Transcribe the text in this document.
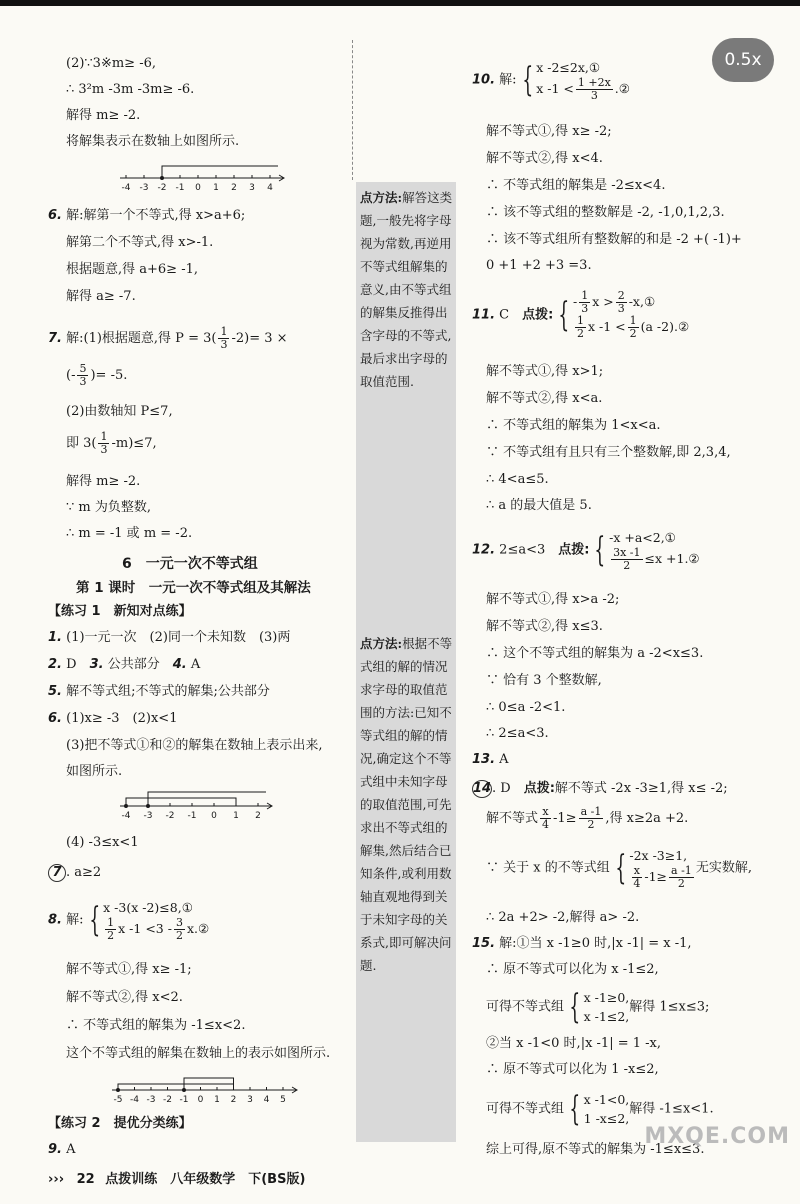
0.5x
(2)∵3※m≥ -6,
∴ 3²m -3m -3m≥ -6.
解得 m≥ -2.
将解集表示在数轴上如图所示.
-4 -3 -2 -1 0 1 2 3 4
6. 解:解第一个不等式,得 x>a+6;
解第二个不等式,得 x>-1.
根据题意,得 a+6≥ -1,
解得 a≥ -7.
7. 解:(1)根据题意,得 $P = 3( \frac{1}{3} -2)= 3$ ×
(- $\frac{5}{3}$ )= -5.
(2)由数轴知 P≤7,
即 $3( \frac{1}{3} -m)\le 7$,
解得 m≥ -2.
∵ m 为负整数,
∴ m = -1 或 m = -2.
6　一元一次不等式组
第 1 课时　一元一次不等式组及其解法
【练习 1　新知对点练】
1. (1)一元一次　(2)同一个未知数　(3)两
2. D　 3. 公共部分　 4. A
5. 解不等式组;不等式的解集;公共部分
6. (1)x≥ -3　(2)x<1
(3)把不等式①和②的解集在数轴上表示出来,
如图所示.
-4 -3 -2 -1 0 1 2
(4) -3≤x<1
7 . a≥2
8. 解: { x -3(x -2)≤8,①

$\frac{1}{2}$ x $-1 <3 - \frac{3}{2}$ x.②
解不等式①,得 x≥ -1;
解不等式②,得 x<2.
∴ 不等式组的解集为 -1≤x<2.
这个不等式组的解集在数轴上的表示如图所示.
-5 -4 -3 -2 -1 0 1 2 3 4 5
【练习 2　提优分类练】
9. A
点方法:解答这类题,一般先将字母视为常数,再逆用不等式组解集的意义,由不等式组的解集反推得出含字母的不等式,最后求出字母的取值范围.
点方法:根据不等式组的解的情况求字母的取值范围的方法:已知不等式组的解的情况,确定这个不等式组中未知字母的取值范围,可先求出不等式组的解集,然后结合已知条件,或利用数轴直观地得到关于未知字母的关系式,即可解决问题.
10. 解: { x -2≤2x,①
x $-1 < \frac{1 +2x}{3}$ .②
解不等式①,得 x≥ -2;
解不等式②,得 x<4.
∴ 不等式组的解集是 -2≤x<4.
∴ 该不等式组的整数解是 -2, -1,0,1,2,3.
∴ 该不等式组所有整数解的和是 -2 +( -1)+
0 +1 +2 +3 =3.
11. C　点拨: { - $\frac{1}{3}$ $x > \frac{2}{3}$ -x,①

$\frac{1}{2}$ x $-1 < \frac{1}{2} (a$ -2).②
解不等式①,得 x>1;
解不等式②,得 x<a.
∴ 不等式组的解集为 1<x<a.
∵ 不等式组有且只有三个整数解,即 2,3,4,
∴ 4<a≤5.
∴ a 的最大值是 5.
12. 2≤a<3　点拨: { -x +a<2,①

$\frac{3x -1}{2} \le x$ +1.②
解不等式①,得 x>a -2;
解不等式②,得 x≤3.
∴ 这个不等式组的解集为 a -2<x≤3.
∵ 恰有 3 个整数解,
∴ 0≤a -2<1.
∴ 2≤a<3.
13. A
14. D　点拨:解不等式 -2x -3≥1,得 x≤ -2;
解不等式 $\frac{x}{4} -1\ge \frac{a -1}{2}$ ,得 x≥2a +2.
∵ 关于 x 的不等式组 { -2x -3≥1,

$\frac{x}{4} -1\ge \frac{a -1}{2}$ 无实数解,
∴ 2a +2> -2,解得 a> -2.
15. 解:①当 x -1≥0 时,|x -1| = x -1,
∴ 原不等式可以化为 x -1≤2,
可得不等式组 { x -1≥0,
x -1≤2,解得 1≤x≤3;
②当 x -1<0 时,|x -1| = 1 -x,
∴ 原不等式可以化为 1 -x≤2,
可得不等式组 { x -1<0,
1 -x≤2,解得 -1≤x<1.
综上可得,原不等式的解集为 -1≤x≤3.
››› 22 点拨训练　八年级数学　下(BS版)
MXQE.COM
